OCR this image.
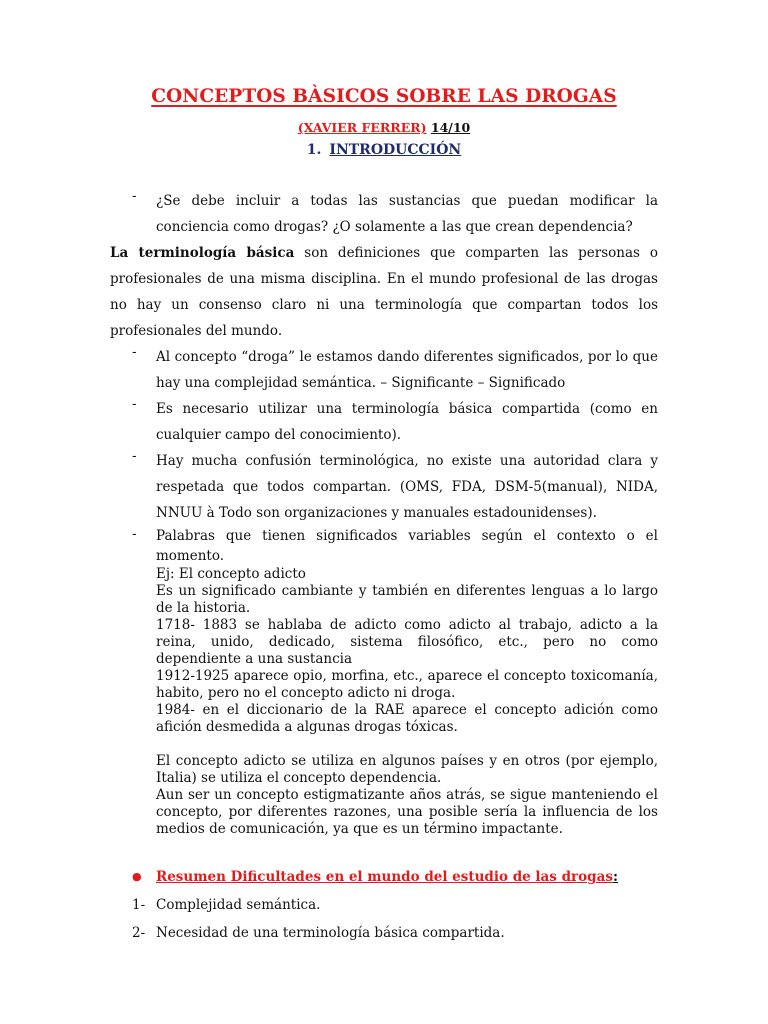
CONCEPTOS BÀSICOS SOBRE LAS DROGAS
(XAVIER FERRER) 14/10
1. INTRODUCCIÓN
-	¿Se debe incluir a todas las sustancias que puedan modificar la conciencia como drogas? ¿O solamente a las que crean dependencia?

La terminología básica son definiciones que comparten las personas o profesionales de una misma disciplina. En el mundo profesional de las drogas no hay un consenso claro ni una terminología que compartan todos los profesionales del mundo.

-	Al concepto “droga” le estamos dando diferentes significados, por lo que hay una complejidad semántica. – Significante – Significado
-	Es necesario utilizar una terminología básica compartida (como en cualquier campo del conocimiento).
-	Hay mucha confusión terminológica, no existe una autoridad clara y respetada que todos compartan. (OMS, FDA, DSM-5(manual), NIDA, NNUU à Todo son organizaciones y manuales estadounidenses).
-	Palabras que tienen significados variables según el contexto o el momento.

Ej: El concepto adicto

Es un significado cambiante y también en diferentes lenguas a lo largo de la historia.

1718- 1883 se hablaba de adicto como adicto al trabajo, adicto a la reina, unido, dedicado, sistema filosófico, etc., pero no como dependiente a una sustancia

1912-1925 aparece opio, morfina, etc., aparece el concepto toxicomanía, habito, pero no el concepto adicto ni droga.

1984- en el diccionario de la RAE aparece el concepto adición como afición desmedida a algunas drogas tóxicas.

El concepto adicto se utiliza en algunos países y en otros (por ejemplo, Italia) se utiliza el concepto dependencia.

Aun ser un concepto estigmatizante años atrás, se sigue manteniendo el concepto, por diferentes razones, una posible sería la influencia de los medios de comunicación, ya que es un término impactante.

●	Resumen Dificultades en el mundo del estudio de las drogas:
1- Complejidad semántica.
2- Necesidad de una terminología básica compartida.
